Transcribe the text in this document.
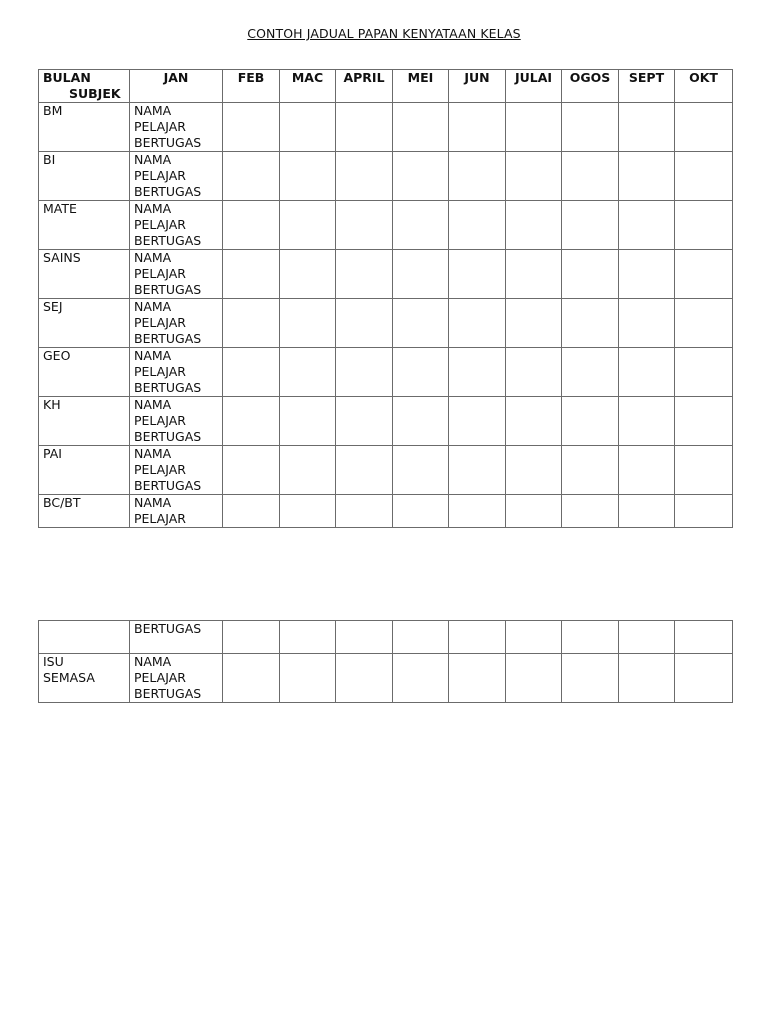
CONTOH JADUAL PAPAN KENYATAAN KELAS
BULAN
SUBJEK	JAN	FEB	MAC	APRIL	MEI	JUN	JULAI	OGOS	SEPT	OKT
BM	NAMA
PELAJAR
BERTUGAS									

BI	NAMA
PELAJAR
BERTUGAS									

MATE	NAMA
PELAJAR
BERTUGAS									

SAINS	NAMA
PELAJAR
BERTUGAS									

SEJ	NAMA
PELAJAR
BERTUGAS									

GEO	NAMA
PELAJAR
BERTUGAS									

KH	NAMA
PELAJAR
BERTUGAS									

PAI	NAMA
PELAJAR
BERTUGAS									

BC/BT	NAMA
PELAJAR									

	BERTUGAS									

ISU
SEMASA	NAMA
PELAJAR
BERTUGAS									
